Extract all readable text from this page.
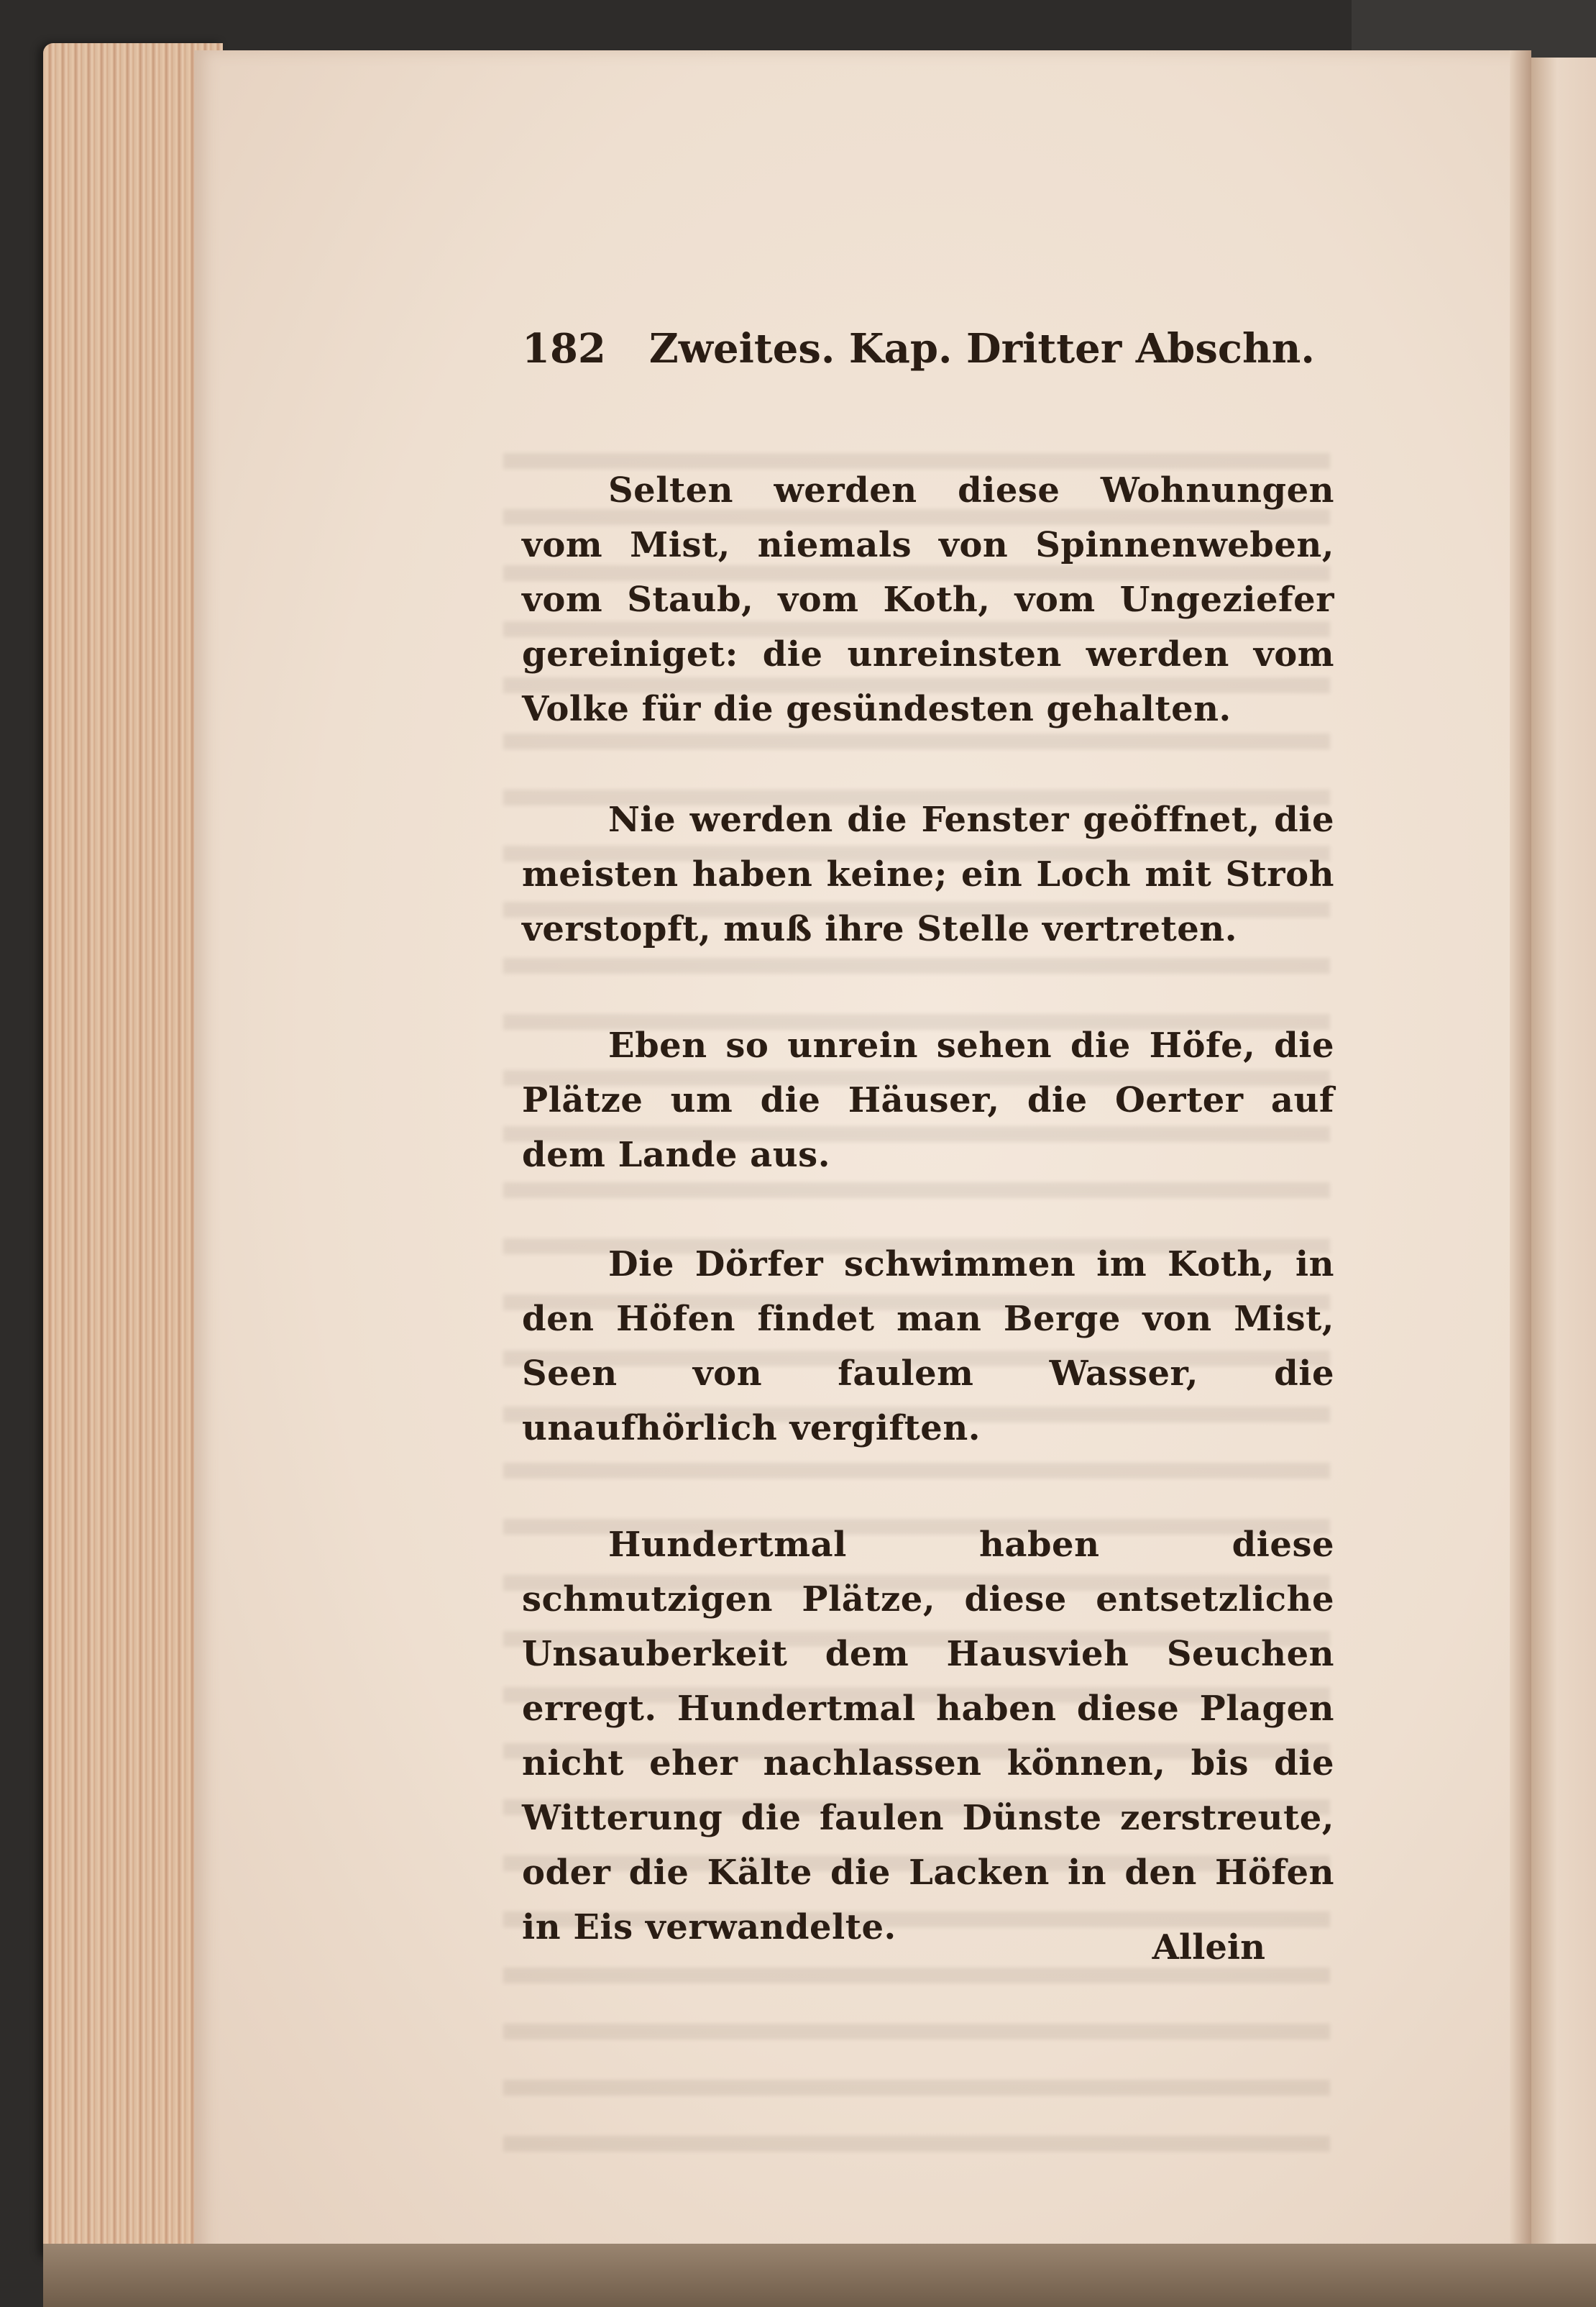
182 Zweites. Kap. Dritter Abschn.

Selten werden diese Wohnungen vom Mist, niemals von Spinnenweben, vom Staub, vom Koth, vom Ungeziefer gereiniget: die unreinsten werden vom Volke für die gesündesten gehalten.

Nie werden die Fenster geöffnet, die meisten haben keine; ein Loch mit Stroh verstopft, muß ihre Stelle vertreten.

Eben so unrein sehen die Höfe, die Plätze um die Häuser, die Oerter auf dem Lande aus.

Die Dörfer schwimmen im Koth, in den Höfen findet man Berge von Mist, Seen von faulem Wasser, die unaufhörlich vergiften.

Hundertmal haben diese schmutzigen Plätze, diese entsetzliche Unsauberkeit dem Hausvieh Seuchen erregt. Hundertmal haben diese Plagen nicht eher nachlassen können, bis die Witterung die faulen Dünste zerstreute, oder die Kälte die Lacken in den Höfen in Eis verwandelte.	Allein
